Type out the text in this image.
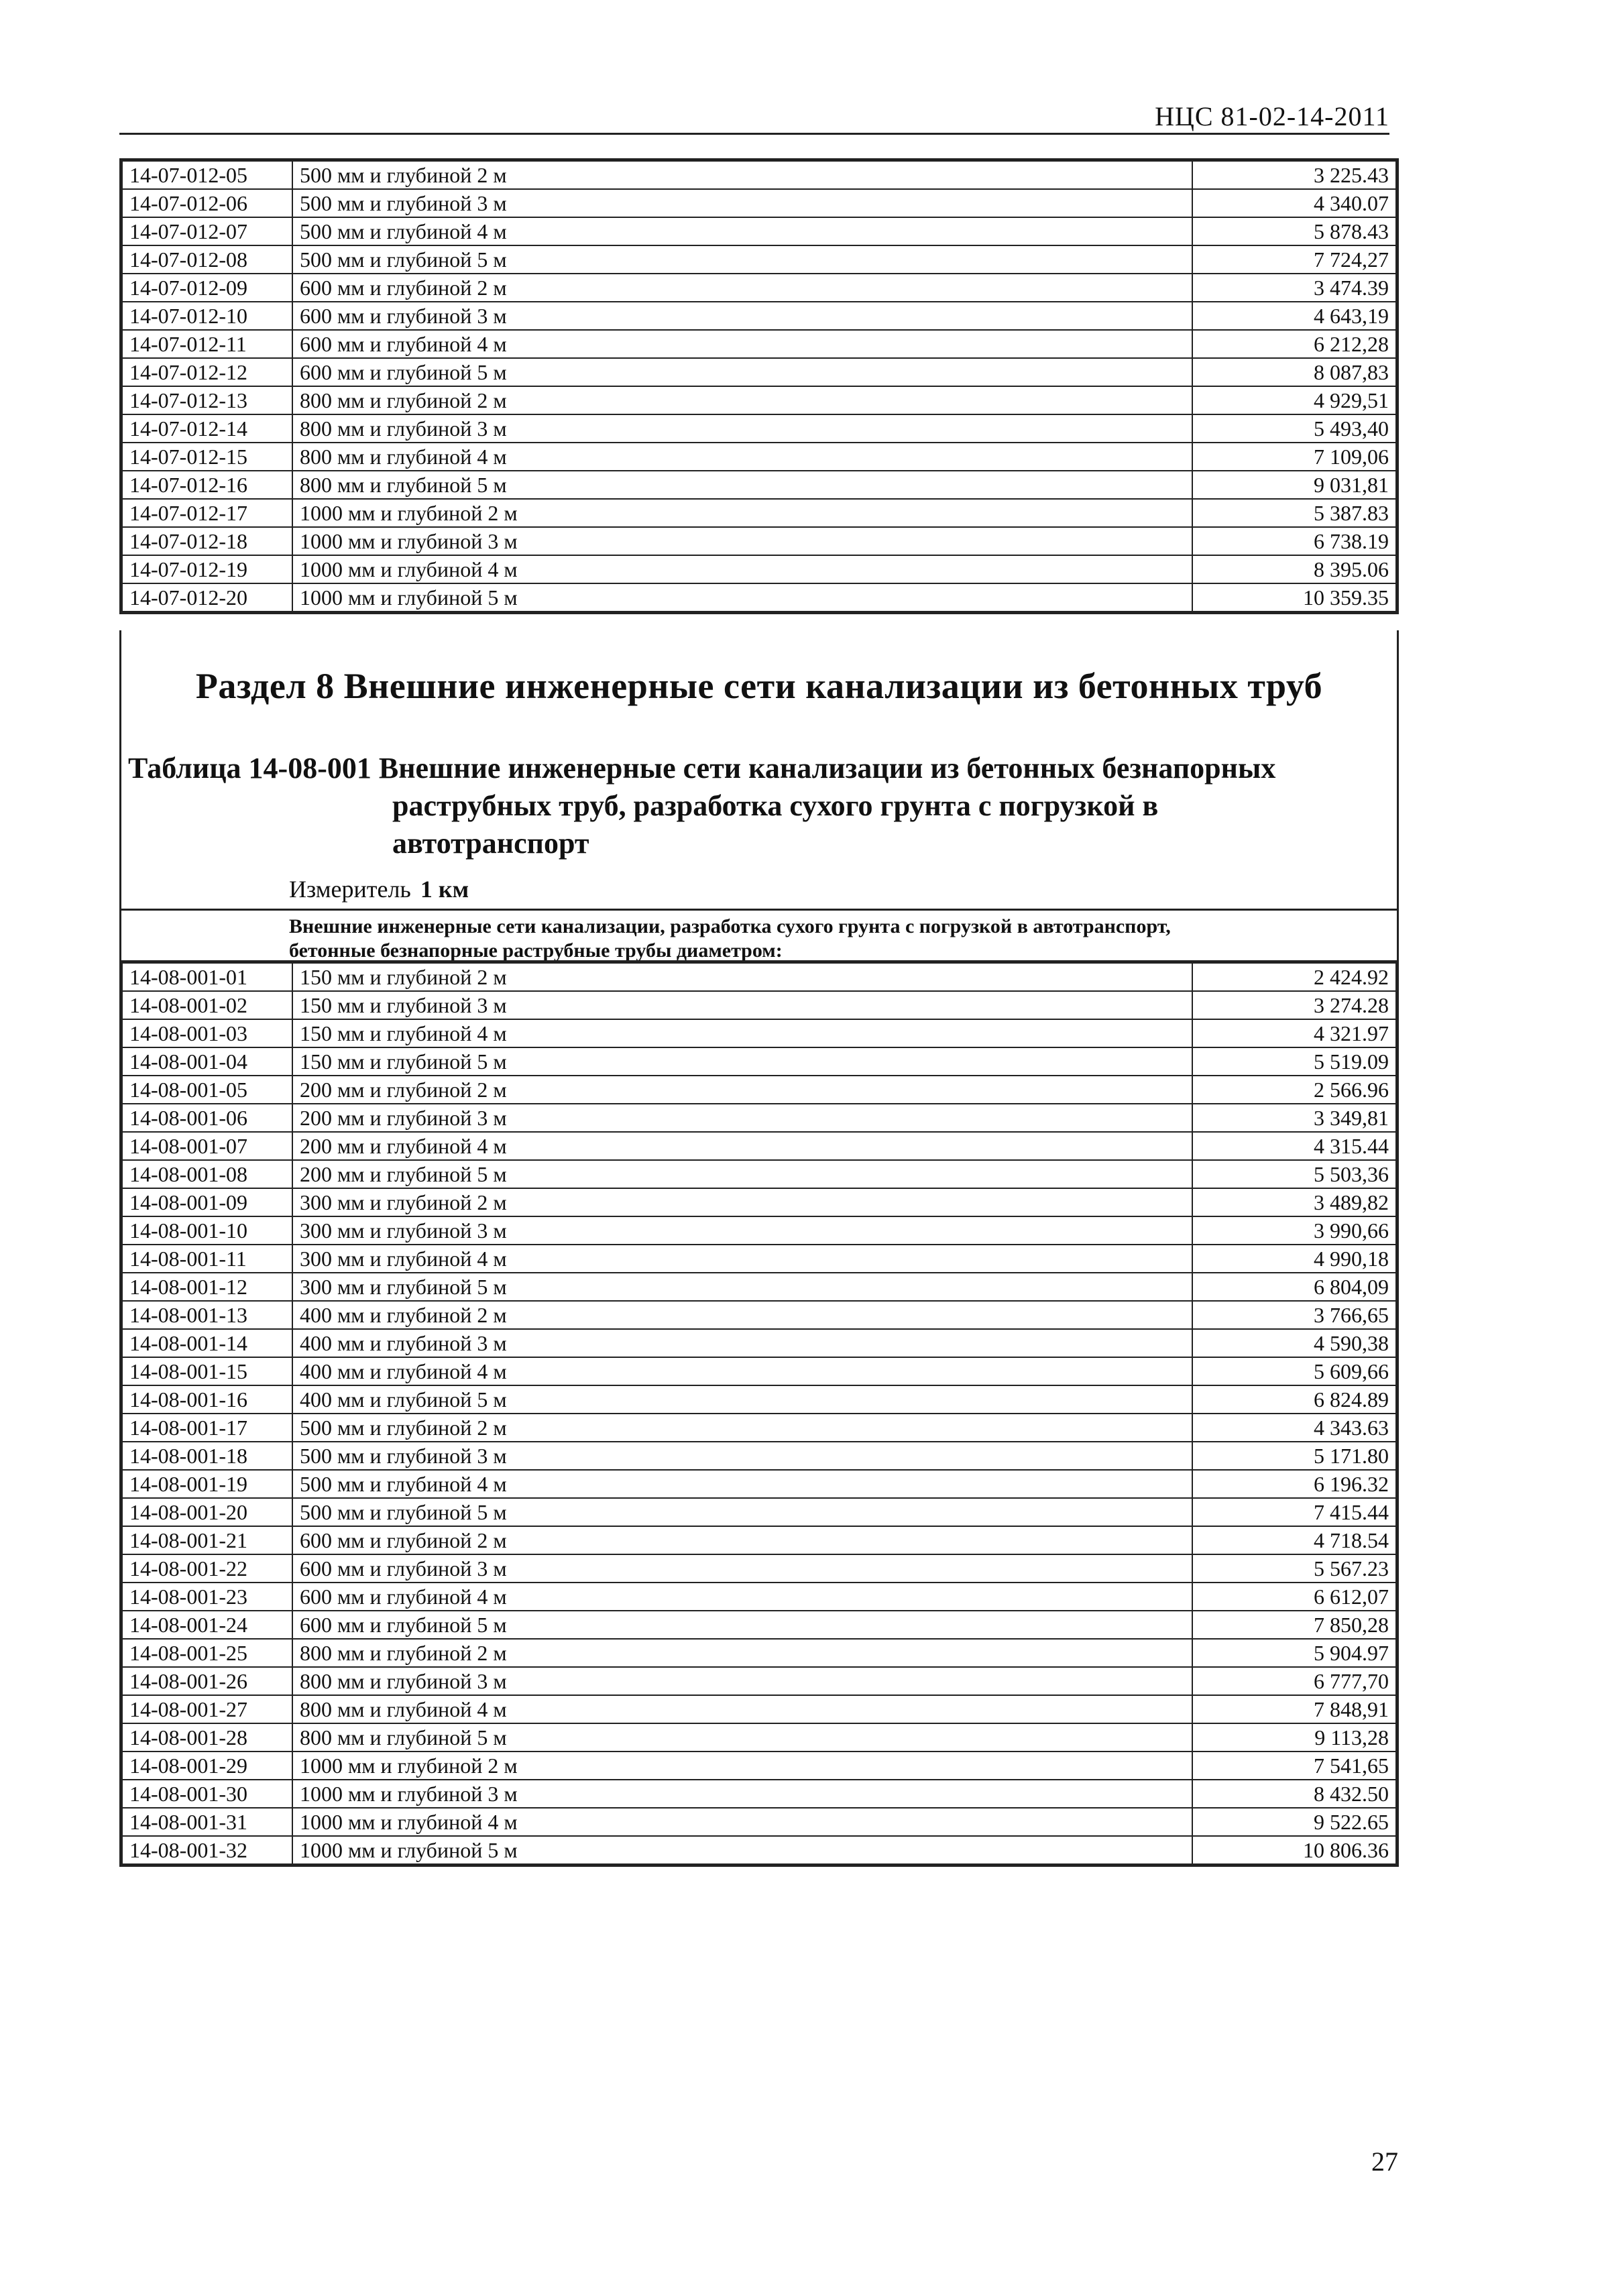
НЦС 81-02-14-2011
14-07-012-05	500 мм и глубиной 2 м	3 225.43
14-07-012-06	500 мм и глубиной 3 м	4 340.07
14-07-012-07	500 мм и глубиной 4 м	5 878.43
14-07-012-08	500 мм и глубиной 5 м	7 724,27
14-07-012-09	600 мм и глубиной 2 м	3 474.39
14-07-012-10	600 мм и глубиной 3 м	4 643,19
14-07-012-11	600 мм и глубиной 4 м	6 212,28
14-07-012-12	600 мм и глубиной 5 м	8 087,83
14-07-012-13	800 мм и глубиной 2 м	4 929,51
14-07-012-14	800 мм и глубиной 3 м	5 493,40
14-07-012-15	800 мм и глубиной 4 м	7 109,06
14-07-012-16	800 мм и глубиной 5 м	9 031,81
14-07-012-17	1000 мм и глубиной 2 м	5 387.83
14-07-012-18	1000 мм и глубиной 3 м	6 738.19
14-07-012-19	1000 мм и глубиной 4 м	8 395.06
14-07-012-20	1000 мм и глубиной 5 м	10 359.35
Раздел 8 Внешние инженерные сети канализации из бетонных труб
Таблица 14-08-001 Внешние инженерные сети канализации из бетонных безнапорных
раструбных труб, разработка сухого грунта с погрузкой в
автотранспорт
Измеритель 1 км
Внешние инженерные сети канализации, разработка сухого грунта с погрузкой в автотранспорт,
бетонные безнапорные раструбные трубы диаметром:
14-08-001-01	150 мм и глубиной 2 м	2 424.92
14-08-001-02	150 мм и глубиной 3 м	3 274.28
14-08-001-03	150 мм и глубиной 4 м	4 321.97
14-08-001-04	150 мм и глубиной 5 м	5 519.09
14-08-001-05	200 мм и глубиной 2 м	2 566.96
14-08-001-06	200 мм и глубиной 3 м	3 349,81
14-08-001-07	200 мм и глубиной 4 м	4 315.44
14-08-001-08	200 мм и глубиной 5 м	5 503,36
14-08-001-09	300 мм и глубиной 2 м	3 489,82
14-08-001-10	300 мм и глубиной 3 м	3 990,66
14-08-001-11	300 мм и глубиной 4 м	4 990,18
14-08-001-12	300 мм и глубиной 5 м	6 804,09
14-08-001-13	400 мм и глубиной 2 м	3 766,65
14-08-001-14	400 мм и глубиной 3 м	4 590,38
14-08-001-15	400 мм и глубиной 4 м	5 609,66
14-08-001-16	400 мм и глубиной 5 м	6 824.89
14-08-001-17	500 мм и глубиной 2 м	4 343.63
14-08-001-18	500 мм и глубиной 3 м	5 171.80
14-08-001-19	500 мм и глубиной 4 м	6 196.32
14-08-001-20	500 мм и глубиной 5 м	7 415.44
14-08-001-21	600 мм и глубиной 2 м	4 718.54
14-08-001-22	600 мм и глубиной 3 м	5 567.23
14-08-001-23	600 мм и глубиной 4 м	6 612,07
14-08-001-24	600 мм и глубиной 5 м	7 850,28
14-08-001-25	800 мм и глубиной 2 м	5 904.97
14-08-001-26	800 мм и глубиной 3 м	6 777,70
14-08-001-27	800 мм и глубиной 4 м	7 848,91
14-08-001-28	800 мм и глубиной 5 м	9 113,28
14-08-001-29	1000 мм и глубиной 2 м	7 541,65
14-08-001-30	1000 мм и глубиной 3 м	8 432.50
14-08-001-31	1000 мм и глубиной 4 м	9 522.65
14-08-001-32	1000 мм и глубиной 5 м	10 806.36
27
